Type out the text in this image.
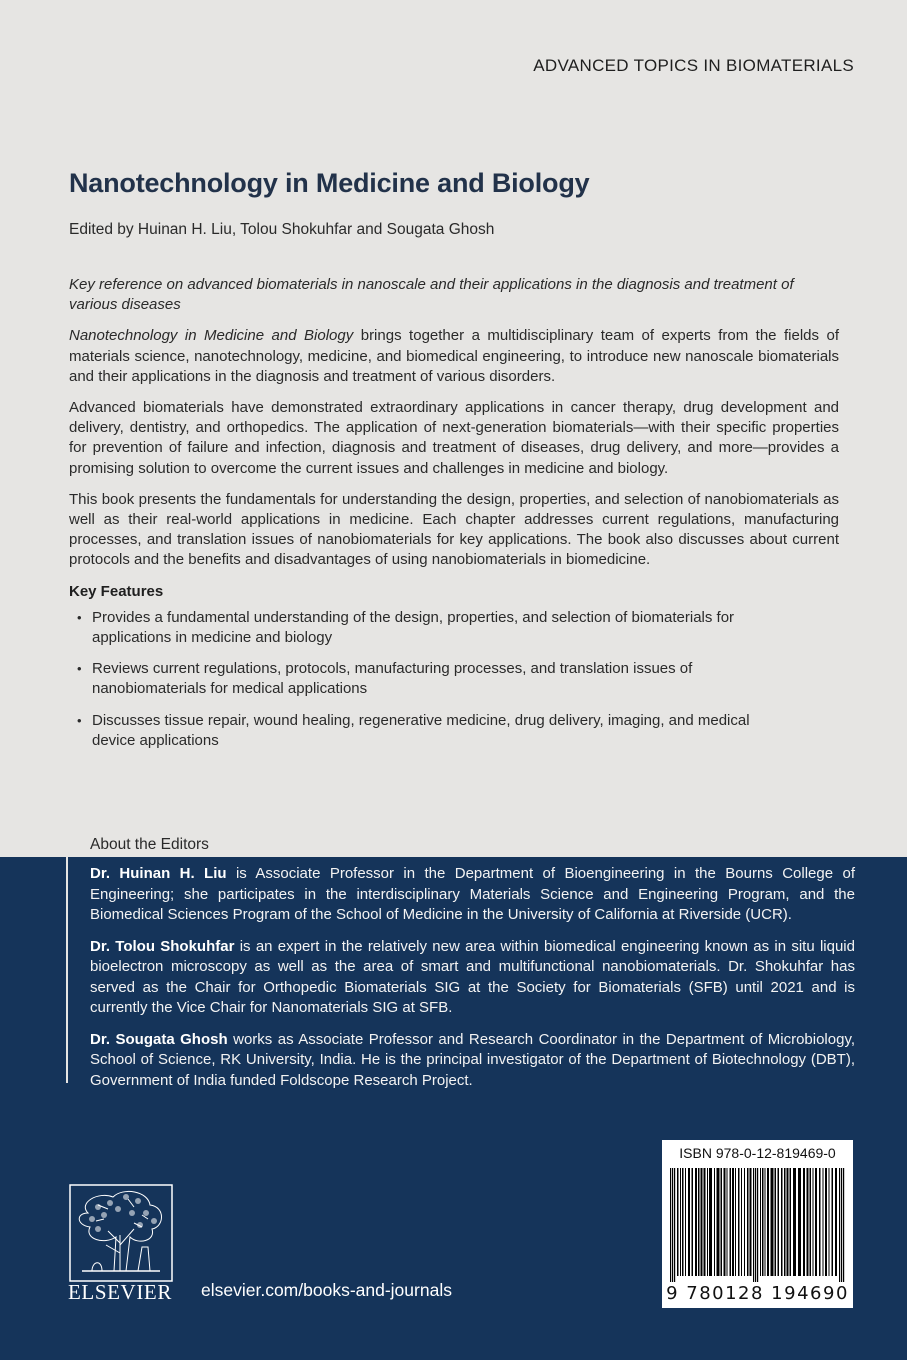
ADVANCED TOPICS IN BIOMATERIALS
Nanotechnology in Medicine and Biology
Edited by Huinan H. Liu, Tolou Shokuhfar and Sougata Ghosh

Key reference on advanced biomaterials in nanoscale and their applications in the diagnosis and treatment of various diseases

Nanotechnology in Medicine and Biology brings together a multidisciplinary team of experts from the fields of materials science, nanotechnology, medicine, and biomedical engineering, to introduce new nanoscale biomaterials and their applications in the diagnosis and treatment of various disorders.

Advanced biomaterials have demonstrated extraordinary applications in cancer therapy, drug development and delivery, dentistry, and orthopedics. The application of next-generation biomaterials—with their specific properties for prevention of failure and infection, diagnosis and treatment of diseases, drug delivery, and more—provides a promising solution to overcome the current issues and challenges in medicine and biology.

This book presents the fundamentals for understanding the design, properties, and selection of nanobiomaterials as well as their real-world applications in medicine. Each chapter addresses current regulations, manufacturing processes, and translation issues of nanobiomaterials for key applications. The book also discusses about current protocols and the benefits and disadvantages of using nanobiomaterials in biomedicine.

Key Features
• Provides a fundamental understanding of the design, properties, and selection of biomaterials for applications in medicine and biology
• Reviews current regulations, protocols, manufacturing processes, and translation issues of nanobiomaterials for medical applications
• Discusses tissue repair, wound healing, regenerative medicine, drug delivery, imaging, and medical device applications
About the Editors

Dr. Huinan H. Liu is Associate Professor in the Department of Bioengineering in the Bourns College of Engineering; she participates in the interdisciplinary Materials Science and Engineering Program, and the Biomedical Sciences Program of the School of Medicine in the University of California at Riverside (UCR).

Dr. Tolou Shokuhfar is an expert in the relatively new area within biomedical engineering known as in situ liquid bioelectron microscopy as well as the area of smart and multifunctional nanobiomaterials. Dr. Shokuhfar has served as the Chair for Orthopedic Biomaterials SIG at the Society for Biomaterials (SFB) until 2021 and is currently the Vice Chair for Nanomaterials SIG at SFB.

Dr. Sougata Ghosh works as Associate Professor and Research Coordinator in the Department of Microbiology, School of Science, RK University, India. He is the principal investigator of the Department of Biotechnology (DBT), Government of India funded Foldscope Research Project.

ISBN 978-0-12-819469-0
9 780128 194690
ELSEVIER elsevier.com/books-and-journals
